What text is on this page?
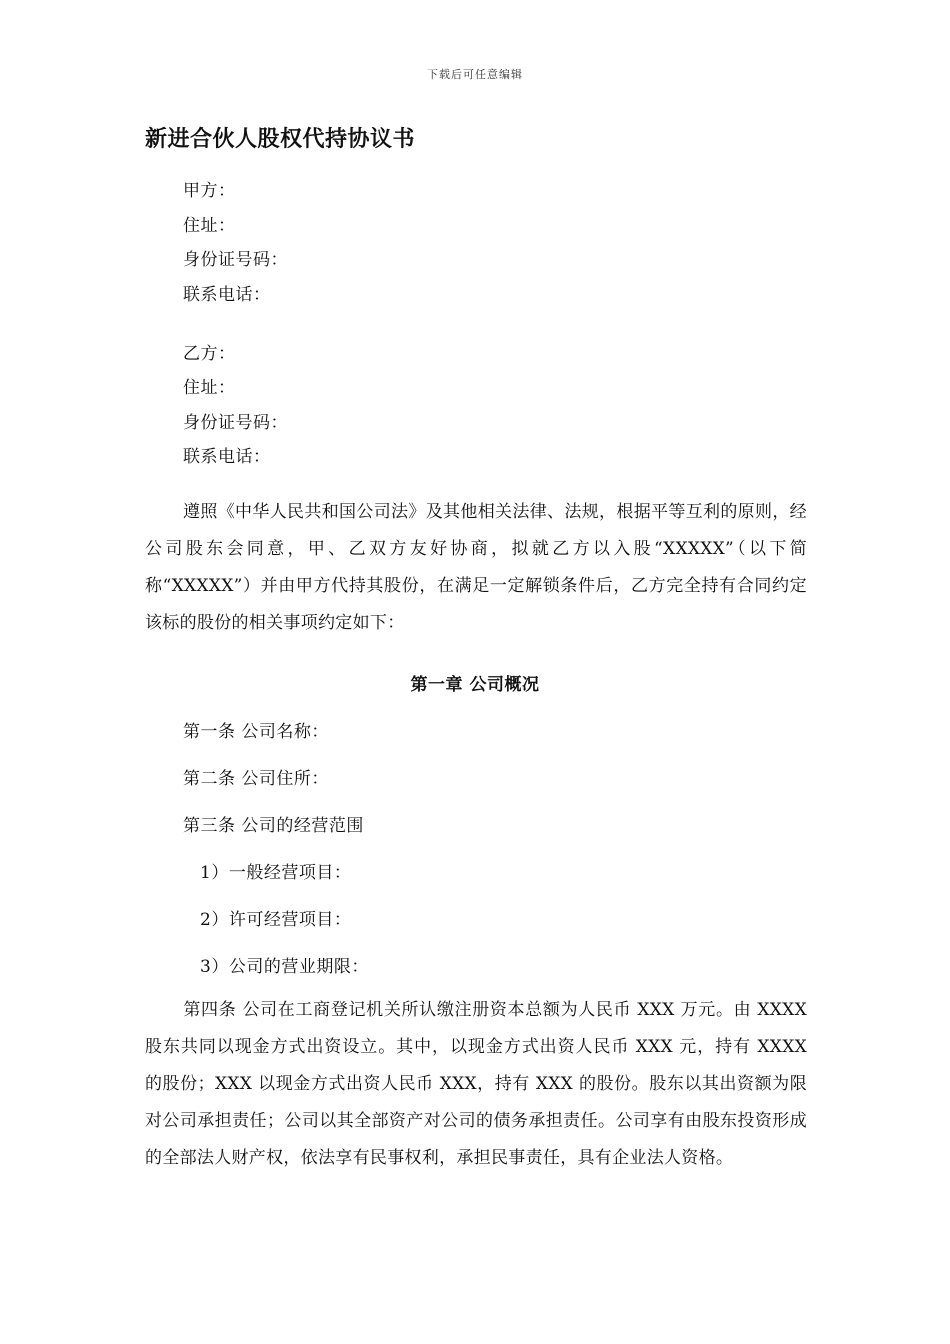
下载后可任意编辑
新进合伙人股权代持协议书
甲方：
住址：
身份证号码：
联系电话：
乙方：
住址：
身份证号码：
联系电话：
遵照《中华人民共和国公司法》及其他相关法律、法规，根据平等互利的原则，经公司股东会同意，甲、乙双方友好协商，拟就乙方以入股“XXXXX”（以下简称“XXXXX”）并由甲方代持其股份，在满足一定解锁条件后，乙方完全持有合同约定该标的股份的相关事项约定如下：
第一章 公司概况
第一条 公司名称：
第二条 公司住所：
第三条 公司的经营范围
1）一般经营项目：
2）许可经营项目：
3）公司的营业期限：
第四条 公司在工商登记机关所认缴注册资本总额为人民币 XXX 万元。由 XXXX 股东共同以现金方式出资设立。其中，以现金方式出资人民币 XXX 元，持有 XXXX 的股份；XXX 以现金方式出资人民币 XXX，持有 XXX 的股份。股东以其出资额为限对公司承担责任；公司以其全部资产对公司的债务承担责任。公司享有由股东投资形成的全部法人财产权，依法享有民事权利，承担民事责任，具有企业法人资格。
